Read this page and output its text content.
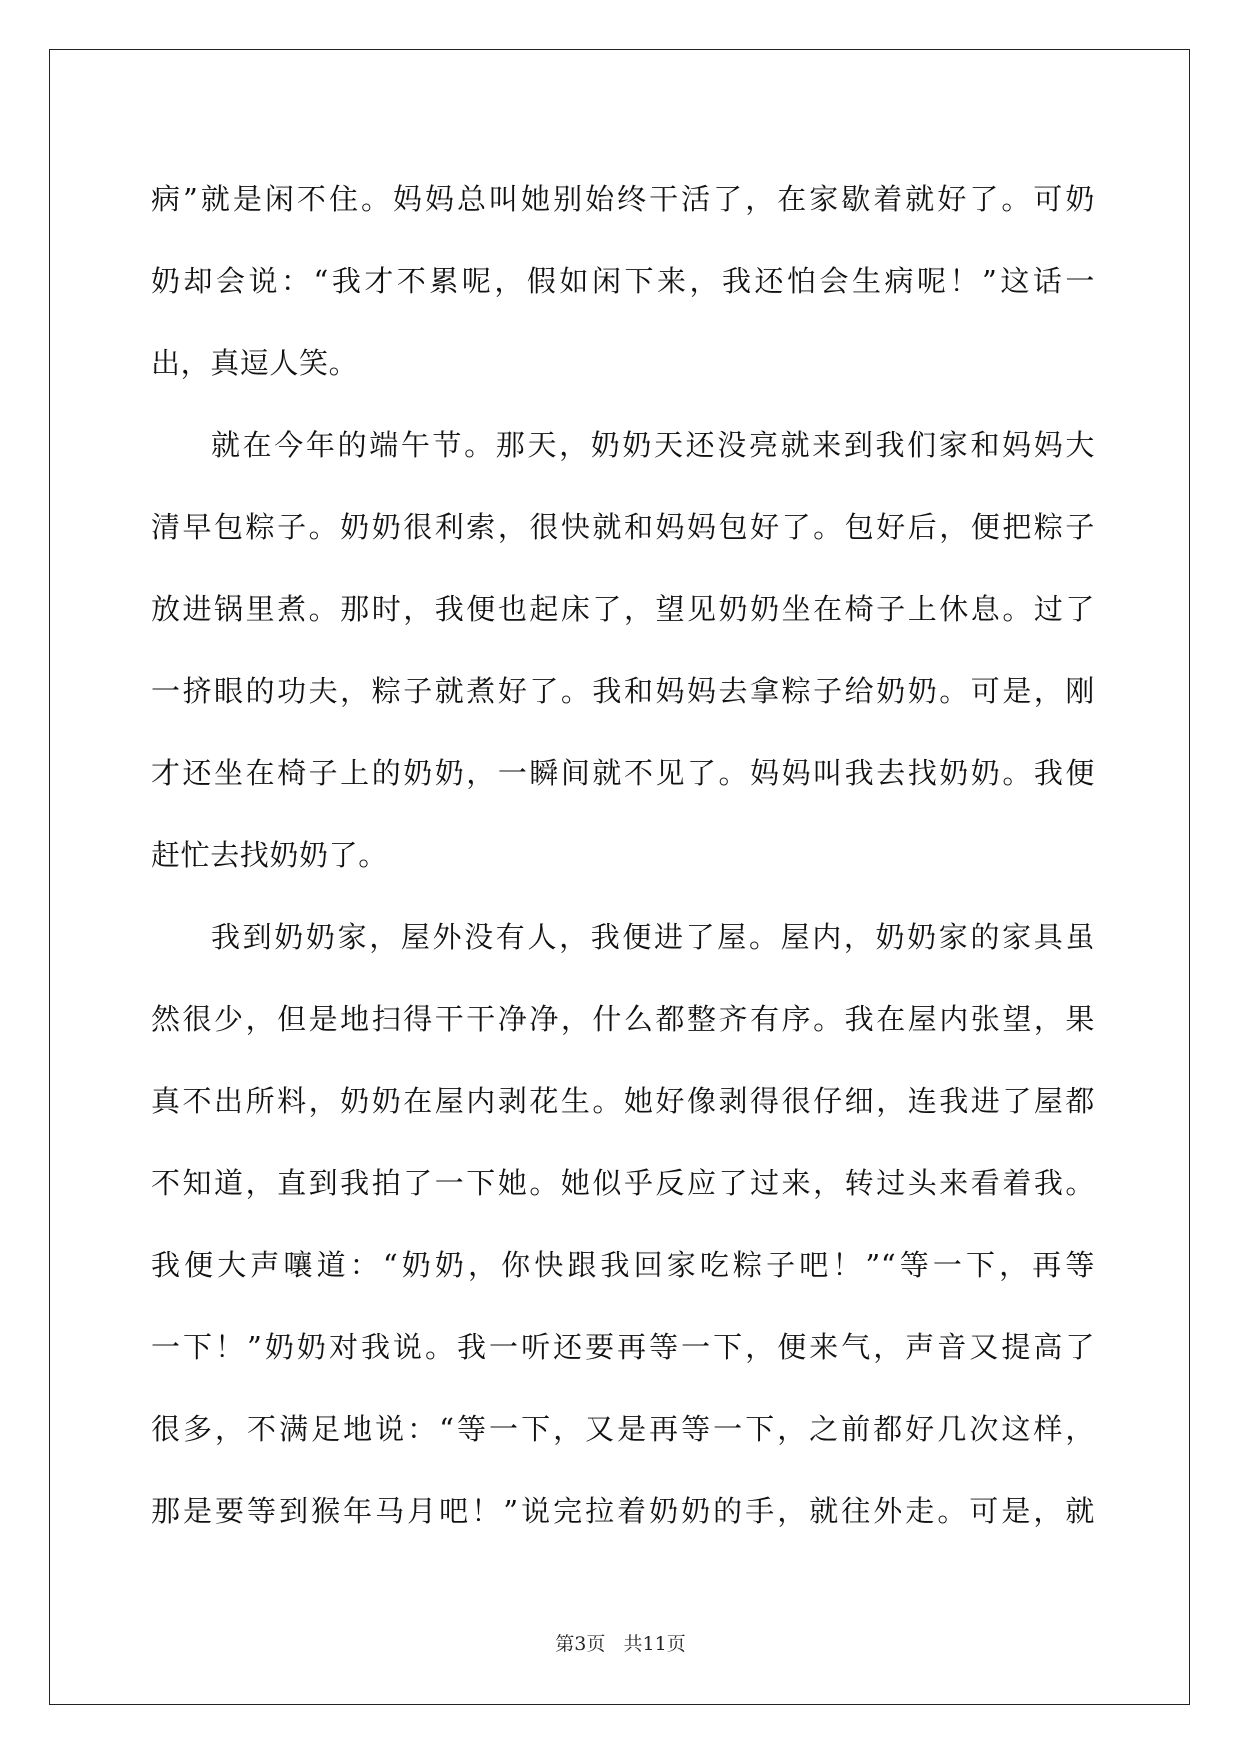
病”就是闲不住。妈妈总叫她别始终干活了，在家歇着就好了。可奶
奶却会说：“我才不累呢，假如闲下来，我还怕会生病呢！”这话一
出，真逗人笑。
就在今年的端午节。那天，奶奶天还没亮就来到我们家和妈妈大
清早包粽子。奶奶很利索，很快就和妈妈包好了。包好后，便把粽子
放进锅里煮。那时，我便也起床了，望见奶奶坐在椅子上休息。过了
一挤眼的功夫，粽子就煮好了。我和妈妈去拿粽子给奶奶。可是，刚
才还坐在椅子上的奶奶，一瞬间就不见了。妈妈叫我去找奶奶。我便
赶忙去找奶奶了。
我到奶奶家，屋外没有人，我便进了屋。屋内，奶奶家的家具虽
然很少，但是地扫得干干净净，什么都整齐有序。我在屋内张望，果
真不出所料，奶奶在屋内剥花生。她好像剥得很仔细，连我进了屋都
不知道，直到我拍了一下她。她似乎反应了过来，转过头来看着我。
我便大声嚷道：“奶奶，你快跟我回家吃粽子吧！”“等一下，再等
一下！”奶奶对我说。我一听还要再等一下，便来气，声音又提高了
很多，不满足地说：“等一下，又是再等一下，之前都好几次这样，
那是要等到猴年马月吧！”说完拉着奶奶的手，就往外走。可是，就
第3页 共11页
